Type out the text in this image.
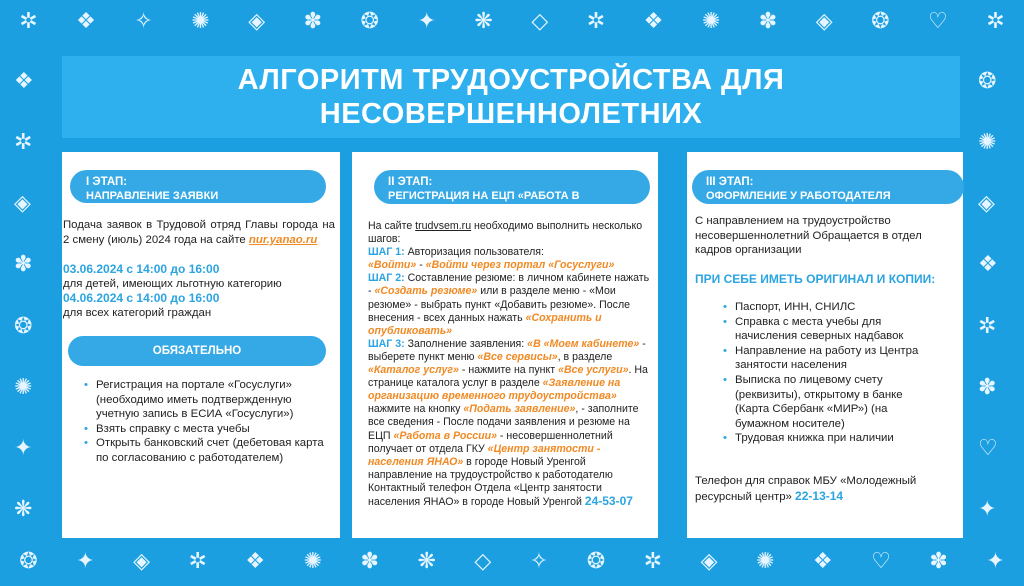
✲ ❖ ✧ ✺ ◈ ✽ ❂ ✦ ❋ ◇ ✲ ❖ ✺ ✽ ◈ ❂ ♡ ✲
❂ ✦ ◈ ✲ ❖ ✺ ✽ ❋ ◇ ✧ ❂ ✲ ◈ ✺ ❖ ♡ ✽ ✦
❖
✲
◈
✽
❂
✺
✦
❋
❂
✺
◈
❖
✲
✽
♡
✦
АЛГОРИТМ ТРУДОУСТРОЙСТВА ДЛЯ
НЕСОВЕРШЕННОЛЕТНИХ
I ЭТАП:
НАПРАВЛЕНИЕ ЗАЯВКИ
Подача заявок в Трудовой отряд Главы города на 2 смену (июль) 2024 года на сайте nur.yanao.ru
03.06.2024 с 14:00 до 16:00
для детей, имеющих льготную категорию
04.06.2024 с 14:00 до 16:00
для всех категорий граждан
ОБЯЗАТЕЛЬНО
• Регистрация на портале «Госуслуги» (необходимо иметь подтвержденную учетную запись в ЕСИА «Госуслуги»)
• Взять справку с места учебы
• Открыть банковский счет (дебетовая карта по согласованию с работодателем)
II ЭТАП:
РЕГИСТРАЦИЯ НА ЕЦП «РАБОТА В РОССИИ»
На сайте trudvsem.ru необходимо выполнить несколько шагов:
ШАГ 1: Авторизация пользователя:
«Войти» - «Войти через портал «Госуслуги»
ШАГ 2: Составление резюме: в личном кабинете нажать - «Создать резюме» или в разделе меню - «Мои резюме» - выбрать пункт «Добавить резюме». После внесения - всех данных нажать «Сохранить и опубликовать»
ШАГ 3: Заполнение заявления: «В «Моем кабинете» - выберете пункт меню «Все сервисы», в разделе «Каталог услуг» - нажмите на пункт «Все услуги». На странице каталога услуг в разделе «Заявление на организацию временного трудоустройства» нажмите на кнопку «Подать заявление», - заполните все сведения - После подачи заявления и резюме на ЕЦП «Работа в России» - несовершеннолетний получает от отдела ГКУ «Центр занятости - населения ЯНАО» в городе Новый Уренгой направление на трудоустройство к работодателю Контактный телефон Отдела «Центр занятости населения ЯНАО» в городе Новый Уренгой 24-53-07
III ЭТАП:
ОФОРМЛЕНИЕ У РАБОТОДАТЕЛЯ
С направлением на трудоустройство несовершеннолетний Обращается в отдел кадров организации
ПРИ СЕБЕ ИМЕТЬ ОРИГИНАЛ И КОПИИ:
• Паспорт, ИНН, СНИЛС
• Справка с места учебы для начисления северных надбавок
• Направление на работу из Центра занятости населения
• Выписка по лицевому счету (реквизиты), открытому в банке (Карта Сбербанк «МИР») (на бумажном носителе)
• Трудовая книжка при наличии
Телефон для справок МБУ «Молодежный ресурсный центр» 22-13-14
